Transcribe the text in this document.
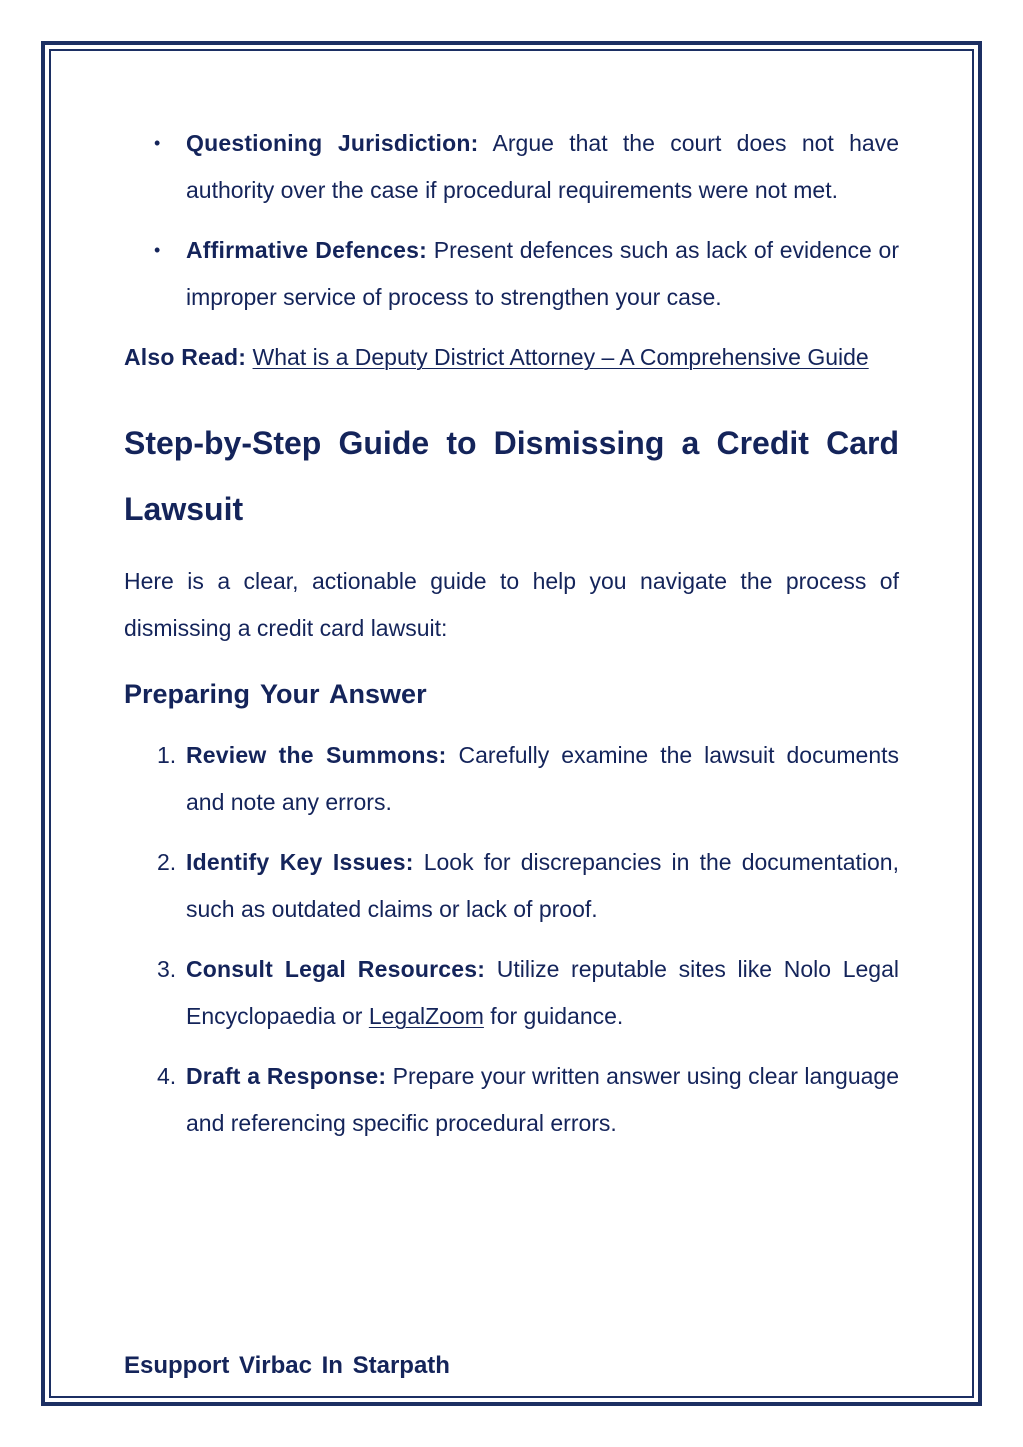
• Questioning Jurisdiction: Argue that the court does not have authority over the case if procedural requirements were not met.
• Affirmative Defences: Present defences such as lack of evidence or improper service of process to strengthen your case.

Also Read: What is a Deputy District Attorney – A Comprehensive Guide

Step-by-Step Guide to Dismissing a Credit Card Lawsuit

Here is a clear, actionable guide to help you navigate the process of dismissing a credit card lawsuit:

Preparing Your Answer
1. Review the Summons: Carefully examine the lawsuit documents and note any errors.
2. Identify Key Issues: Look for discrepancies in the documentation, such as outdated claims or lack of proof.
3. Consult Legal Resources: Utilize reputable sites like Nolo Legal Encyclopaedia or LegalZoom for guidance.
4. Draft a Response: Prepare your written answer using clear language and referencing specific procedural errors.
Esupport Virbac In Starpath
